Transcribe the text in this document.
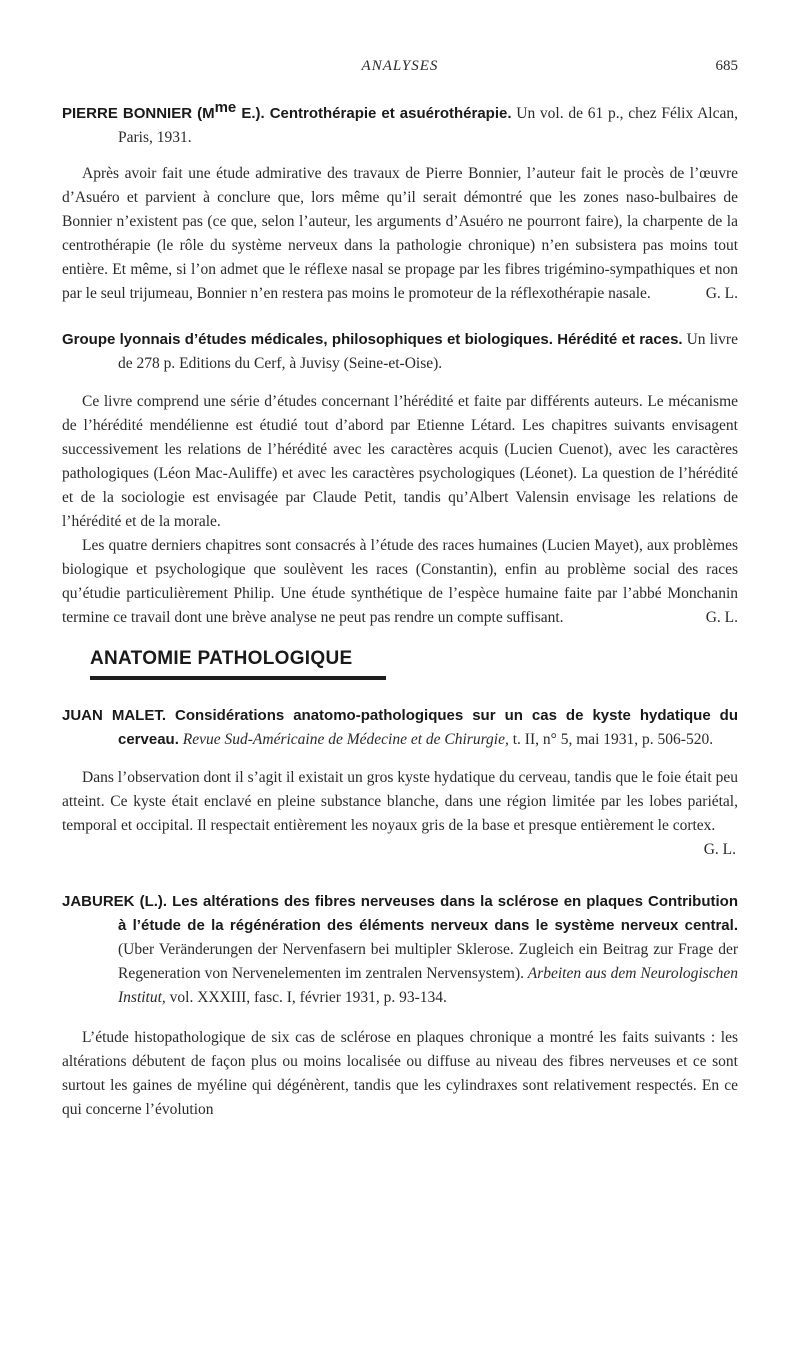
ANALYSES	685
PIERRE BONNIER ($M^{me}$ E.). Centrothérapie et asuérothérapie. Un vol. de 61 p., chez Félix Alcan, Paris, 1931.

Après avoir fait une étude admirative des travaux de Pierre Bonnier, l’auteur fait le procès de l’œuvre d’Asuéro et parvient à conclure que, lors même qu’il serait démontré que les zones naso-bulbaires de Bonnier n’existent pas (ce que, selon l’auteur, les arguments d’Asuéro ne pourront faire), la charpente de la centrothérapie (le rôle du système nerveux dans la pathologie chronique) n’en subsistera pas moins tout entière. Et même, si l’on admet que le réflexe nasal se propage par les fibres trigémino-sympathiques et non par le seul trijumeau, Bonnier n’en restera pas moins le promoteur de la réflexothérapie nasale.	G. L.

Groupe lyonnais d’études médicales, philosophiques et biologiques. Hérédité et races. Un livre de 278 p. Editions du Cerf, à Juvisy (Seine-et-Oise).

Ce livre comprend une série d’études concernant l’hérédité et faite par différents auteurs. Le mécanisme de l’hérédité mendélienne est étudié tout d’abord par Etienne Létard. Les chapitres suivants envisagent successivement les relations de l’hérédité avec les caractères acquis (Lucien Cuenot), avec les caractères pathologiques (Léon Mac-Auliffe) et avec les caractères psychologiques (Léonet). La question de l’hérédité et de la sociologie est envisagée par Claude Petit, tandis qu’Albert Valensin envisage les relations de l’hérédité et de la morale.

Les quatre derniers chapitres sont consacrés à l’étude des races humaines (Lucien Mayet), aux problèmes biologique et psychologique que soulèvent les races (Constantin), enfin au problème social des races qu’étudie particulièrement Philip. Une étude synthétique de l’espèce humaine faite par l’abbé Monchanin termine ce travail dont une brève analyse ne peut pas rendre un compte suffisant.	G. L.

ANATOMIE PATHOLOGIQUE
JUAN MALET. Considérations anatomo-pathologiques sur un cas de kyste hydatique du cerveau. Revue Sud-Américaine de Médecine et de Chirurgie, t. II, n° 5, mai 1931, p. 506-520.

Dans l’observation dont il s’agit il existait un gros kyste hydatique du cerveau, tandis que le foie était peu atteint. Ce kyste était enclavé en pleine substance blanche, dans une région limitée par les lobes pariétal, temporal et occipital. Il respectait entièrement les noyaux gris de la base et presque entièrement le cortex.

G. L.
JABUREK (L.). Les altérations des fibres nerveuses dans la sclérose en plaques Contribution à l’étude de la régénération des éléments nerveux dans le système nerveux central. (Uber Veränderungen der Nervenfasern bei multipler Sklerose. Zugleich ein Beitrag zur Frage der Regeneration von Nervenelementen im zentralen Nervensystem). Arbeiten aus dem Neurologischen Institut, vol. XXXIII, fasc. I, février 1931, p. 93-134.

L’étude histopathologique de six cas de sclérose en plaques chronique a montré les faits suivants : les altérations débutent de façon plus ou moins localisée ou diffuse au niveau des fibres nerveuses et ce sont surtout les gaines de myéline qui dégénèrent, tandis que les cylindraxes sont relativement respectés. En ce qui concerne l’évolution
